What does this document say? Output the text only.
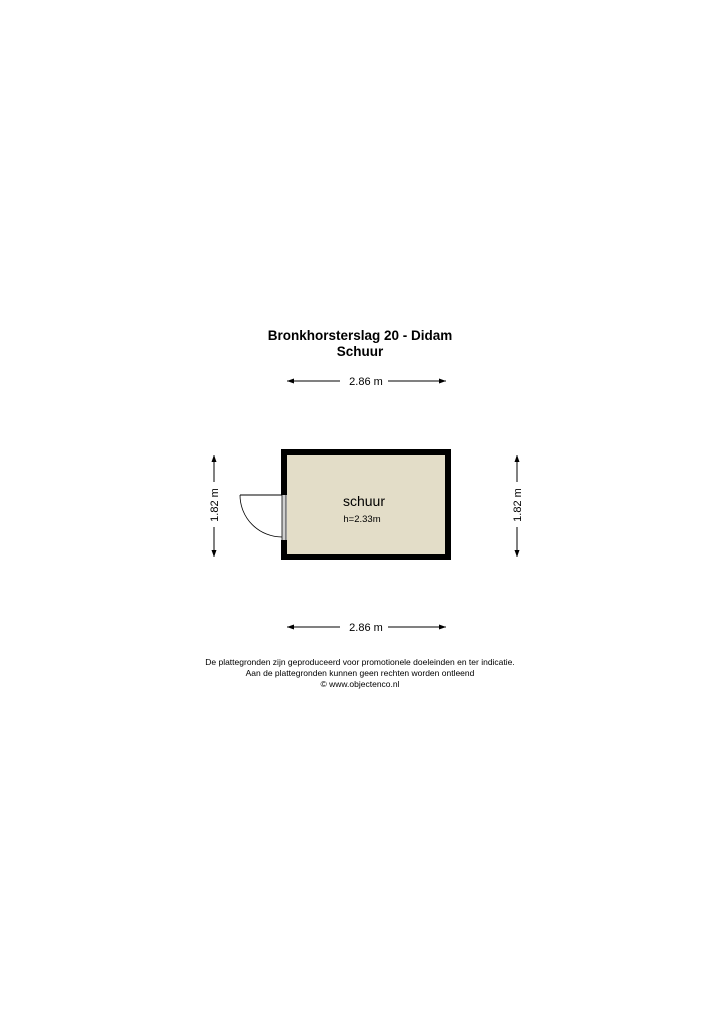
Bronkhorsterslag 20 - Didam
Schuur
2.86 m
2.86 m
1.82 m	1.82 m
schuur
h=2.33m
De plattegronden zijn geproduceerd voor promotionele doeleinden en ter indicatie.
Aan de plattegronden kunnen geen rechten worden ontleend
© www.objectenco.nl
